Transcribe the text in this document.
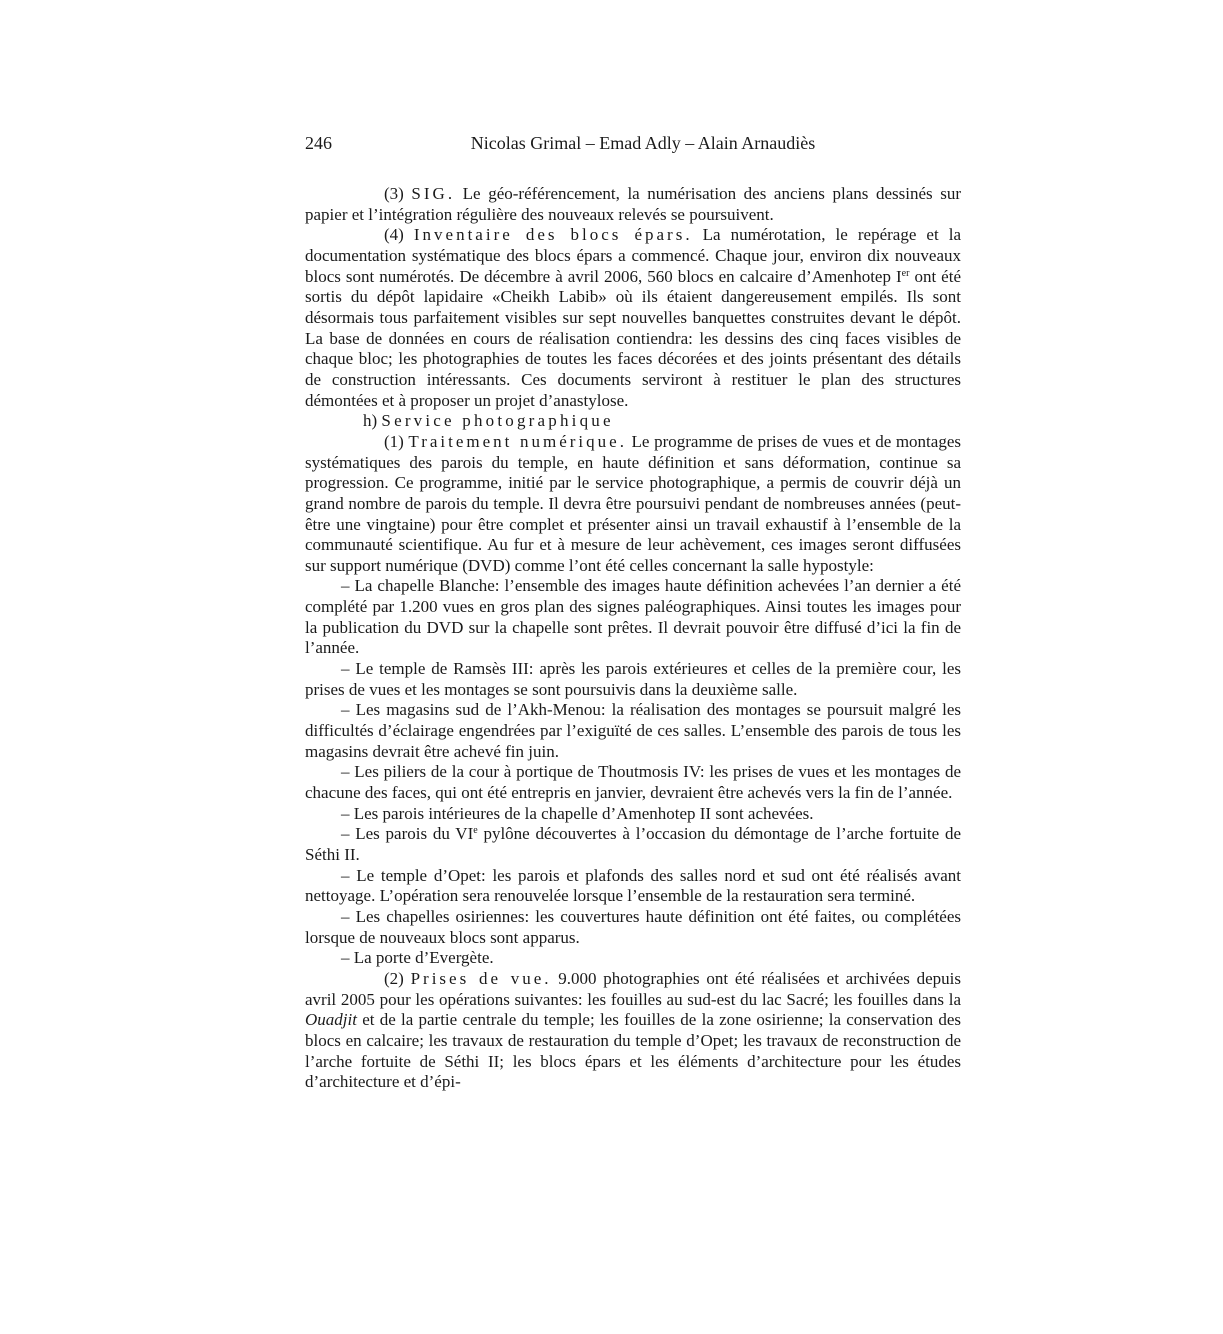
246	Nicolas Grimal – Emad Adly – Alain Arnaudiès

(3) SIG. Le géo-référencement, la numérisation des anciens plans dessinés sur papier et l’intégration régulière des nouveaux relevés se poursuivent.

(4) Inventaire des blocs épars. La numérotation, le repérage et la documentation systématique des blocs épars a commencé. Chaque jour, environ dix nouveaux blocs sont numérotés. De décembre à avril 2006, 560 blocs en calcaire d’Amenhotep Ier ont été sortis du dépôt lapidaire «Cheikh Labib» où ils étaient dangereusement empilés. Ils sont désormais tous parfaitement visibles sur sept nouvelles banquettes construites devant le dépôt. La base de données en cours de réalisation contiendra: les dessins des cinq faces visibles de chaque bloc; les photographies de toutes les faces décorées et des joints présentant des détails de construction intéressants. Ces documents serviront à restituer le plan des structures démontées et à proposer un projet d’anastylose.

h) Service photographique

(1) Traitement numérique. Le programme de prises de vues et de montages systématiques des parois du temple, en haute définition et sans déformation, continue sa progression. Ce programme, initié par le service photographique, a permis de couvrir déjà un grand nombre de parois du temple. Il devra être poursuivi pendant de nombreuses années (peut-être une vingtaine) pour être complet et présenter ainsi un travail exhaustif à l’ensemble de la communauté scientifique. Au fur et à mesure de leur achèvement, ces images seront diffusées sur support numérique (DVD) comme l’ont été celles concernant la salle hypostyle:

– La chapelle Blanche: l’ensemble des images haute définition achevées l’an dernier a été complété par 1.200 vues en gros plan des signes paléographiques. Ainsi toutes les images pour la publication du DVD sur la chapelle sont prêtes. Il devrait pouvoir être diffusé d’ici la fin de l’année.

– Le temple de Ramsès III: après les parois extérieures et celles de la première cour, les prises de vues et les montages se sont poursuivis dans la deuxième salle.

– Les magasins sud de l’Akh-Menou: la réalisation des montages se poursuit malgré les difficultés d’éclairage engendrées par l’exiguïté de ces salles. L’ensemble des parois de tous les magasins devrait être achevé fin juin.

– Les piliers de la cour à portique de Thoutmosis IV: les prises de vues et les montages de chacune des faces, qui ont été entrepris en janvier, devraient être achevés vers la fin de l’année.

– Les parois intérieures de la chapelle d’Amenhotep II sont achevées.

– Les parois du VIe pylône découvertes à l’occasion du démontage de l’arche fortuite de Séthi II.

– Le temple d’Opet: les parois et plafonds des salles nord et sud ont été réalisés avant nettoyage. L’opération sera renouvelée lorsque l’ensemble de la restauration sera terminé.

– Les chapelles osiriennes: les couvertures haute définition ont été faites, ou complétées lorsque de nouveaux blocs sont apparus.

– La porte d’Evergète.

(2) Prises de vue. 9.000 photographies ont été réalisées et archivées depuis avril 2005 pour les opérations suivantes: les fouilles au sud-est du lac Sacré; les fouilles dans la Ouadjit et de la partie centrale du temple; les fouilles de la zone osirienne; la conservation des blocs en calcaire; les travaux de restauration du temple d’Opet; les travaux de reconstruction de l’arche fortuite de Séthi II; les blocs épars et les éléments d’architecture pour les études d’architecture et d’épi-
